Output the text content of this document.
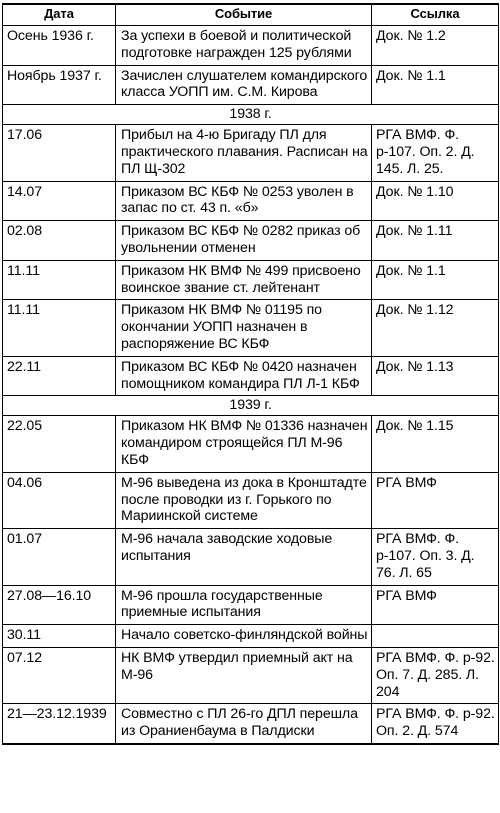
Дата	Событие	Ссылка
Осень 1936 г.	За успехи в боевой и политической подготовке награжден 125 рублями	Док. № 1.2
Ноябрь 1937 г.	Зачислен слушателем командирского класса УОПП им. С.М. Кирова	Док. № 1.1
1938 г.		
17.06	Прибыл на 4-ю Бригаду ПЛ для практического плавания. Расписан на ПЛ Щ-302	РГА ВМФ. Ф. р-107. Оп. 2. Д. 145. Л. 25.
14.07	Приказом ВС КБФ № 0253 уволен в запас по ст. 43 п. «б»	Док. № 1.10
02.08	Приказом ВС КБФ № 0282 приказ об увольнении отменен	Док. № 1.11
11.11	Приказом НК ВМФ № 499 присвоено воинское звание ст. лейтенант	Док. № 1.1
11.11	Приказом НК ВМФ № 01195 по окончании УОПП назначен в распоряжение ВС КБФ	Док. № 1.12
22.11	Приказом ВС КБФ № 0420 назначен помощником командира ПЛ Л-1 КБФ	Док. № 1.13
1939 г.		
22.05	Приказом НК ВМФ № 01336 назначен командиром строящейся ПЛ М-96 КБФ	Док. № 1.15
04.06	М-96 выведена из дока в Кронштадте после проводки из г. Горького по Мариинской системе	РГА ВМФ
01.07	М-96 начала заводские ходовые испытания	РГА ВМФ. Ф. р-107. Оп. 3. Д. 76. Л. 65
27.08—16.10	М-96 прошла государственные приемные испытания	РГА ВМФ
30.11	Начало советско-финляндской войны	
07.12	НК ВМФ утвердил приемный акт на М-96	РГА ВМФ. Ф. р-92. Оп. 7. Д. 285. Л. 204
21—23.12.1939	Совместно с ПЛ 26-го ДПЛ перешла из Ораниенбаума в Палдиски	РГА ВМФ. Ф. р-92. Оп. 2. Д. 574
